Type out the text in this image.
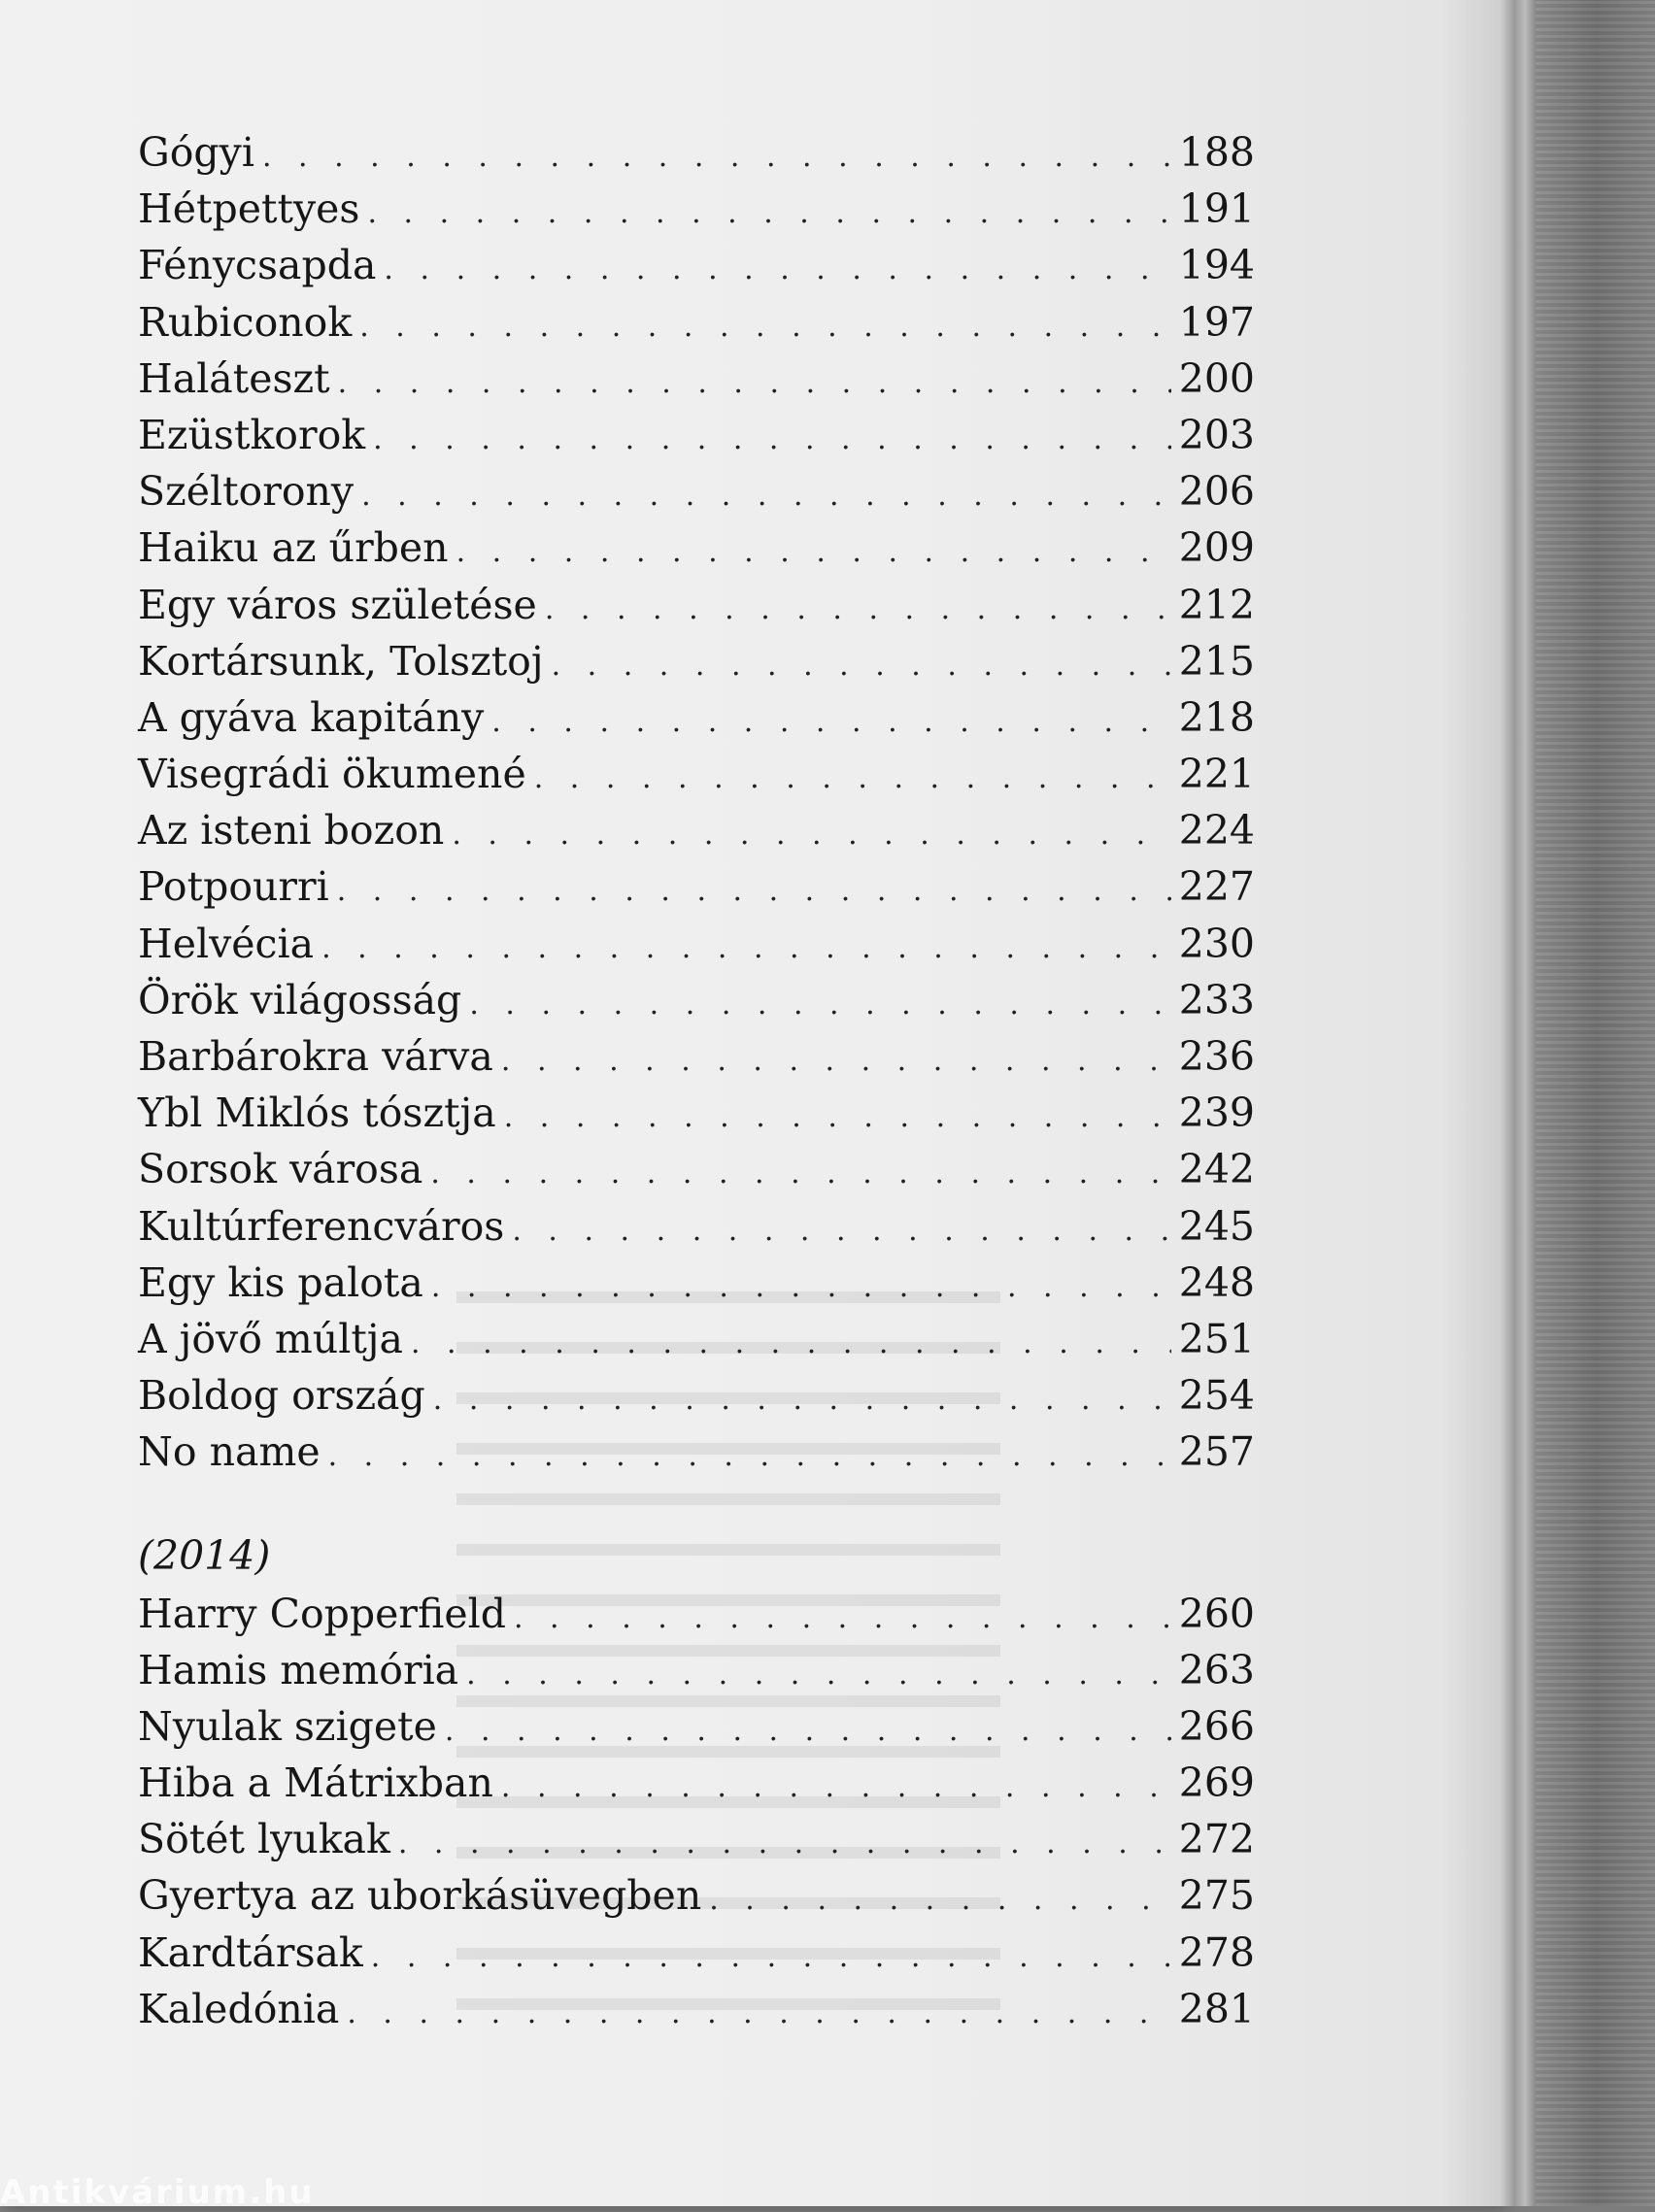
Gógyi . . .	188
Hétpettyes . . .	191
Fénycsapda . . .	194
Rubiconok . . .	197
Haláteszt . . .	200
Ezüstkorok . . .	203
Széltorony . . .	206
Haiku az űrben . . .	209
Egy város születése . . .	212
Kortársunk, Tolsztoj . . .	215
A gyáva kapitány . . .	218
Visegrádi ökumené . . .	221
Az isteni bozon . . .	224
Potpourri . . .	227
Helvécia . . .	230
Örök világosság . . .	233
Barbárokra várva . . .	236
Ybl Miklós tósztja . . .	239
Sorsok városa . . .	242
Kultúrferencváros . . .	245
Egy kis palota . . .	248
A jövő múltja . . .	251
Boldog ország . . .	254
No name . . .	257
(2014)
Harry Copperfield . . .	260
Hamis memória . . .	263
Nyulak szigete . . .	266
Hiba a Mátrixban . . .	269
Sötét lyukak . . .	272
Gyertya az uborkásüvegben . . .	275
Kardtársak . . .	278
Kaledónia . . .	281
Antikvárium.hu
